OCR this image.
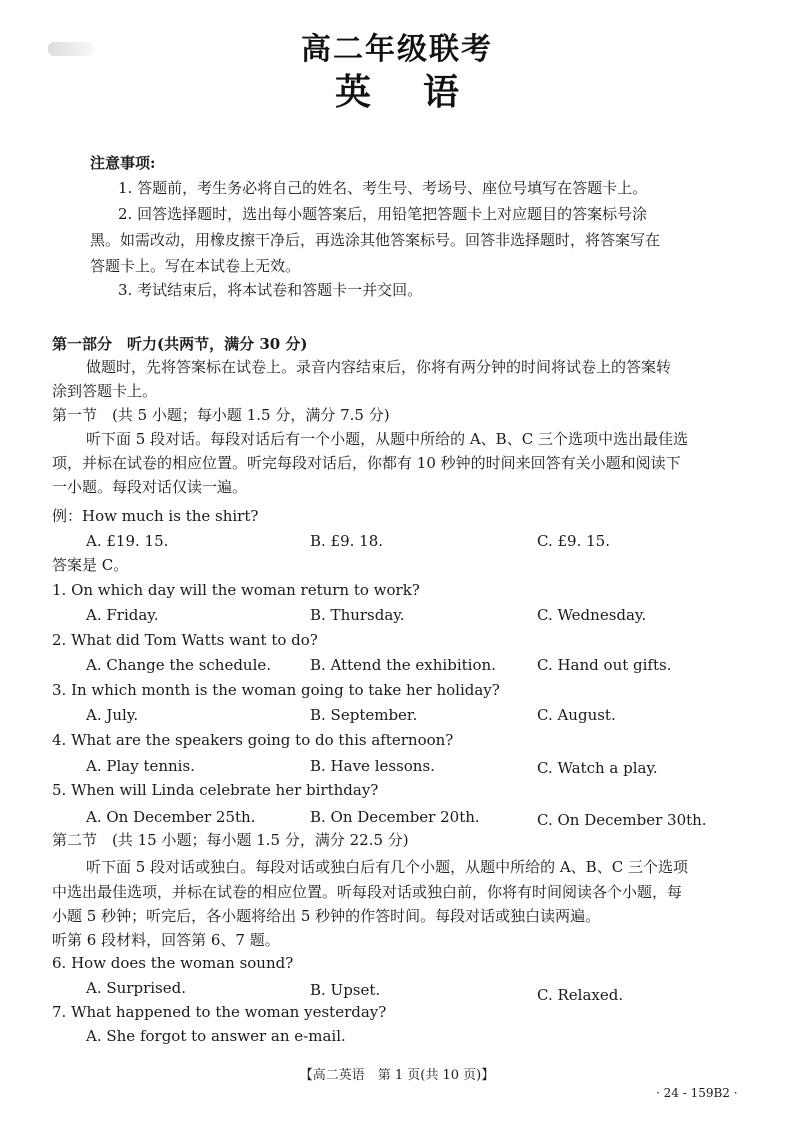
高二年级联考
英语
注意事项:
1. 答题前，考生务必将自己的姓名、考生号、考场号、座位号填写在答题卡上。
2. 回答选择题时，选出每小题答案后，用铅笔把答题卡上对应题目的答案标号涂
黑。如需改动，用橡皮擦干净后，再选涂其他答案标号。回答非选择题时，将答案写在
答题卡上。写在本试卷上无效。
3. 考试结束后，将本试卷和答题卡一并交回。
第一部分　听力(共两节，满分 30 分)
做题时，先将答案标在试卷上。录音内容结束后，你将有两分钟的时间将试卷上的答案转
涂到答题卡上。
第一节　(共 5 小题；每小题 1.5 分，满分 7.5 分)
听下面 5 段对话。每段对话后有一个小题，从题中所给的 A、B、C 三个选项中选出最佳选
项，并标在试卷的相应位置。听完每段对话后，你都有 10 秒钟的时间来回答有关小题和阅读下
一小题。每段对话仅读一遍。
例：How much is the shirt?
A. £19. 15.	B. £9. 18.	C. £9. 15.
答案是 C。
1. On which day will the woman return to work?
A. Friday.	B. Thursday.	C. Wednesday.
2. What did Tom Watts want to do?
A. Change the schedule.	B. Attend the exhibition.	C. Hand out gifts.
3. In which month is the woman going to take her holiday?
A. July.	B. September.	C. August.
4. What are the speakers going to do this afternoon?
A. Play tennis.	B. Have lessons.	C. Watch a play.
5. When will Linda celebrate her birthday?
A. On December 25th.	B. On December 20th.	C. On December 30th.
第二节　(共 15 小题；每小题 1.5 分，满分 22.5 分)
听下面 5 段对话或独白。每段对话或独白后有几个小题，从题中所给的 A、B、C 三个选项
中选出最佳选项，并标在试卷的相应位置。听每段对话或独白前，你将有时间阅读各个小题，每
小题 5 秒钟；听完后，各小题将给出 5 秒钟的作答时间。每段对话或独白读两遍。
听第 6 段材料，回答第 6、7 题。
6. How does the woman sound?
A. Surprised.	B. Upset.	C. Relaxed.
7. What happened to the woman yesterday?
A. She forgot to answer an e-mail.
【高二英语　第 1 页(共 10 页)】
· 24 - 159B2 ·
